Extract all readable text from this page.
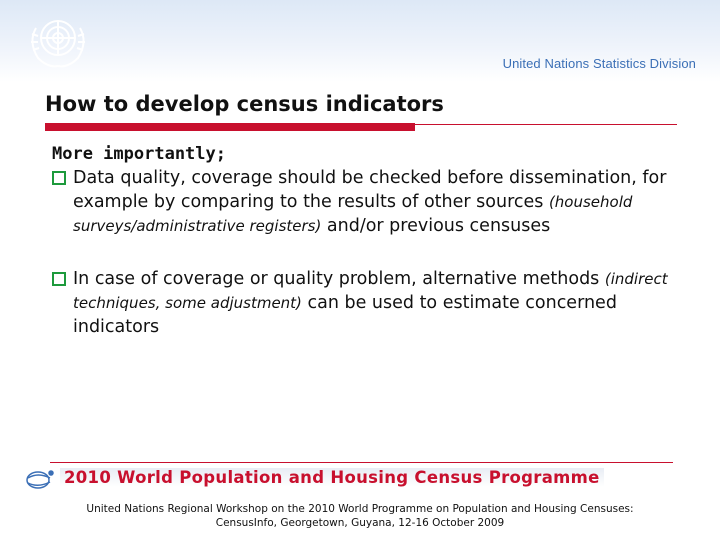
United Nations Statistics Division
How to develop census indicators
More importantly;
Data quality, coverage should be checked before dissemination, for example by comparing to the results of other sources (household surveys/administrative registers) and/or previous censuses
In case of coverage or quality problem, alternative methods (indirect techniques, some adjustment) can be used to estimate concerned indicators
2010 World Population and Housing Census Programme
United Nations Regional Workshop on the 2010 World Programme on Population and Housing Censuses:
CensusInfo, Georgetown, Guyana, 12-16 October 2009
